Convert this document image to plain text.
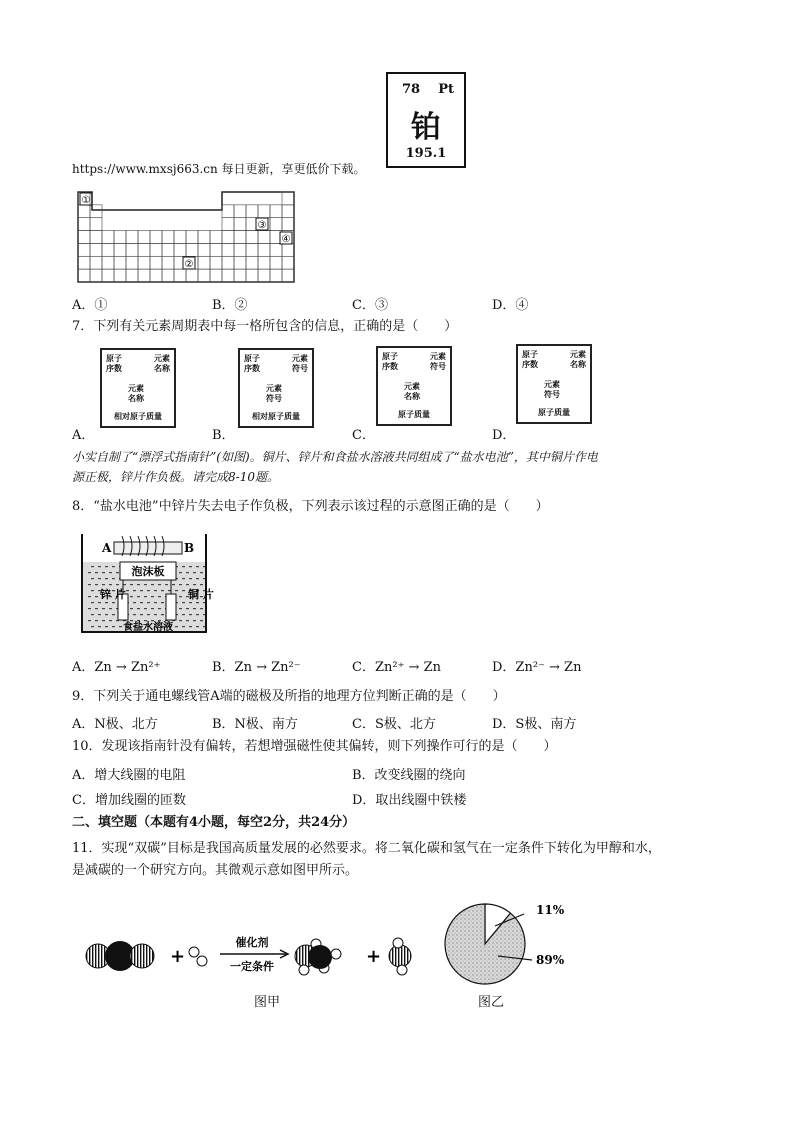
78 Pt
铂
195.1
https://www.mxsj663.cn 每日更新，享更低价下载。
①
②
③
④
A．①	B．②	C．③	D．④
7．下列有关元素周期表中每一格所包含的信息，正确的是（　　）
A．	B．	C．	D．
原子
序数
元素
名称
元素
名称
相对原子质量
原子
序数
元素
符号
元素
符号
相对原子质量
原子
序数
元素
符号
元素
名称
原子质量
原子
序数
元素
名称
元素
符号
原子质量
小实自制了“漂浮式指南针”(如图)。铜片、锌片和食盐水溶液共同组成了“盐水电池”，其中铜片作电
源正极，锌片作负极。请完成8-10题。
8．“盐水电池”中锌片失去电子作负极，下列表示该过程的示意图正确的是（　　）
泡沫板
锌 片	铜 片
食盐水溶液
A	B
A．Zn → Zn²⁺	B．Zn → Zn²⁻	C．Zn²⁺ → Zn	D．Zn²⁻ → Zn
9．下列关于通电螺线管A端的磁极及所指的地理方位判断正确的是（　　）
A．N极、北方	B．N极、南方	C．S极、北方	D．S极、南方
10．发现该指南针没有偏转，若想增强磁性使其偏转，则下列操作可行的是（　　）
A．增大线圈的电阻	B．改变线圈的绕向
C．增加线圈的匝数	D．取出线圈中铁楼
二、填空题（本题有4小题，每空2分，共24分）
11．实现“双碳”目标是我国高质量发展的必然要求。将二氧化碳和氢气在一定条件下转化为甲醇和水，
是减碳的一个研究方向。其微观示意如图甲所示。
+
催化剂
一定条件	+
图甲
11%
89%
图乙
